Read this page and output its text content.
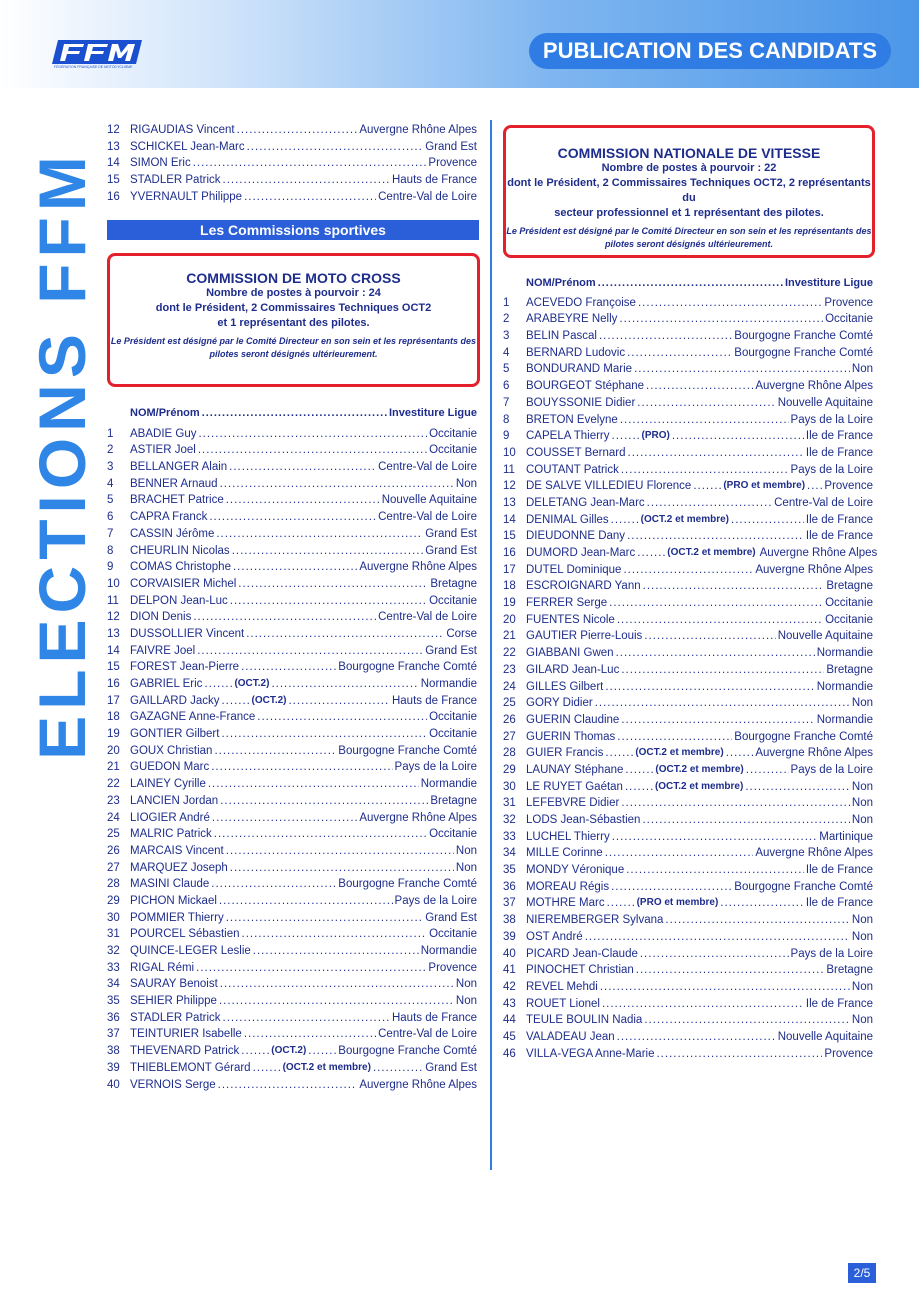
FÉDÉRATION FRANÇAISE DE MOTOCYCLISME
PUBLICATION DES CANDIDATS
ELECTIONS FFM
12 RIGAUDIAS Vincent .....	Auvergne Rhône Alpes
13 SCHICKEL Jean-Marc .....	Grand Est
14 SIMON Eric .....	Provence
15 STADLER Patrick .....	Hauts de France
16 YVERNAULT Philippe .....	Centre-Val de Loire
Les Commissions sportives
COMMISSION DE MOTO CROSS
Nombre de postes à pourvoir : 24
dont le Président, 2 Commissaires Techniques OCT2
et 1 représentant des pilotes.
Le Président est désigné par le Comité Directeur en son sein et les représentants des
pilotes seront désignés ultérieurement.
NOM/Prénom .....	Investiture Ligue
1	ABADIE Guy .....	Occitanie
2	ASTIER Joel .....	Occitanie
3	BELLANGER Alain .....	Centre-Val de Loire
4	BENNER Arnaud .....	Non
5	BRACHET Patrice .....	Nouvelle Aquitaine
6	CAPRA Franck .....	Centre-Val de Loire
7	CASSIN Jérôme .....	Grand Est
8	CHEURLIN Nicolas .....	Grand Est
9	COMAS Christophe .....	Auvergne Rhône Alpes
10 CORVAISIER Michel .....	Bretagne
11 DELPON Jean-Luc .....	Occitanie
12 DION Denis .....	Centre-Val de Loire
13 DUSSOLLIER Vincent .....	Corse
14 FAIVRE Joel .....	Grand Est
15 FOREST Jean-Pierre .....	Bourgogne Franche Comté
16 GABRIEL Eric .....	(OCT.2) .....	Normandie
17 GAILLARD Jacky .....	(OCT.2) .....	Hauts de France
18 GAZAGNE Anne-France .....	Occitanie
19 GONTIER Gilbert .....	Occitanie
20 GOUX Christian .....	Bourgogne Franche Comté
21 GUEDON Marc .....	Pays de la Loire
22 LAINEY Cyrille .....	Normandie
23 LANCIEN Jordan .....	Bretagne
24 LIOGIER André .....	Auvergne Rhône Alpes
25 MALRIC Patrick .....	Occitanie
26 MARCAIS Vincent .....	Non
27 MARQUEZ Joseph .....	Non
28 MASINI Claude .....	Bourgogne Franche Comté
29 PICHON Mickael .....	Pays de la Loire
30 POMMIER Thierry .....	Grand Est
31 POURCEL Sébastien .....	Occitanie
32 QUINCE-LEGER Leslie .....	Normandie
33 RIGAL Rémi .....	Provence
34 SAURAY Benoist .....	Non
35 SEHIER Philippe .....	Non
36 STADLER Patrick .....	Hauts de France
37 TEINTURIER Isabelle .....	Centre-Val de Loire
38 THEVENARD Patrick .....	(OCT.2) .....	Bourgogne Franche Comté
39 THIEBLEMONT Gérard .....	(OCT.2 et membre) .....	Grand Est
40 VERNOIS Serge .....	Auvergne Rhône Alpes
COMMISSION NATIONALE DE VITESSE
Nombre de postes à pourvoir : 22
dont le Président, 2 Commissaires Techniques OCT2, 2 représentants du
secteur professionnel et 1 représentant des pilotes.
Le Président est désigné par le Comité Directeur en son sein et les représentants des
pilotes seront désignés ultérieurement.
NOM/Prénom .....	Investiture Ligue
1	ACEVEDO Françoise .....	Provence
2	ARABEYRE Nelly .....	Occitanie
3	BELIN Pascal .....	Bourgogne Franche Comté
4	BERNARD Ludovic .....	Bourgogne Franche Comté
5	BONDURAND Marie .....	Non
6	BOURGEOT Stéphane .....	Auvergne Rhône Alpes
7	BOUYSSONIE Didier .....	Nouvelle Aquitaine
8	BRETON Evelyne .....	Pays de la Loire
9	CAPELA Thierry .....	(PRO) .....	Ile de France
10 COUSSET Bernard .....	Ile de France
11 COUTANT Patrick .....	Pays de la Loire
12 DE SALVE VILLEDIEU Florence .....	(PRO et membre) ..... Provence
13 DELETANG Jean-Marc .....	Centre-Val de Loire
14 DENIMAL Gilles .....	(OCT.2 et membre) .....	Ile de France
15 DIEUDONNE Dany .....	Ile de France
16 DUMORD Jean-Marc .....	(OCT.2 et membre) Auvergne Rhône Alpes
17 DUTEL Dominique .....	Auvergne Rhône Alpes
18 ESCROIGNARD Yann .....	Bretagne
19 FERRER Serge .....	Occitanie
20 FUENTES Nicole .....	Occitanie
21 GAUTIER Pierre-Louis .....	Nouvelle Aquitaine
22 GIABBANI Gwen .....	Normandie
23 GILARD Jean-Luc .....	Bretagne
24 GILLES Gilbert .....	Normandie
25 GORY Didier .....	Non
26 GUERIN Claudine .....	Normandie
27 GUERIN Thomas .....	Bourgogne Franche Comté
28 GUIER Francis .....	(OCT.2 et membre) .....	Auvergne Rhône Alpes
29 LAUNAY Stéphane .....	(OCT.2 et membre) .....	Pays de la Loire
30 LE RUYET Gaétan .....	(OCT.2 et membre) .....	Non
31 LEFEBVRE Didier .....	Non
32 LODS Jean-Sébastien .....	Non
33 LUCHEL Thierry .....	Martinique
34 MILLE Corinne .....	Auvergne Rhône Alpes
35 MONDY Véronique .....	Ile de France
36 MOREAU Régis .....	Bourgogne Franche Comté
37 MOTHRE Marc .....	(PRO et membre) .....	Ile de France
38 NIEREMBERGER Sylvana .....	Non
39 OST André .....	Non
40 PICARD Jean-Claude .....	Pays de la Loire
41 PINOCHET Christian .....	Bretagne
42 REVEL Mehdi .....	Non
43 ROUET Lionel .....	Ile de France
44 TEULE BOULIN Nadia .....	Non
45 VALADEAU Jean .....	Nouvelle Aquitaine
46 VILLA-VEGA Anne-Marie .....	Provence
2/5
